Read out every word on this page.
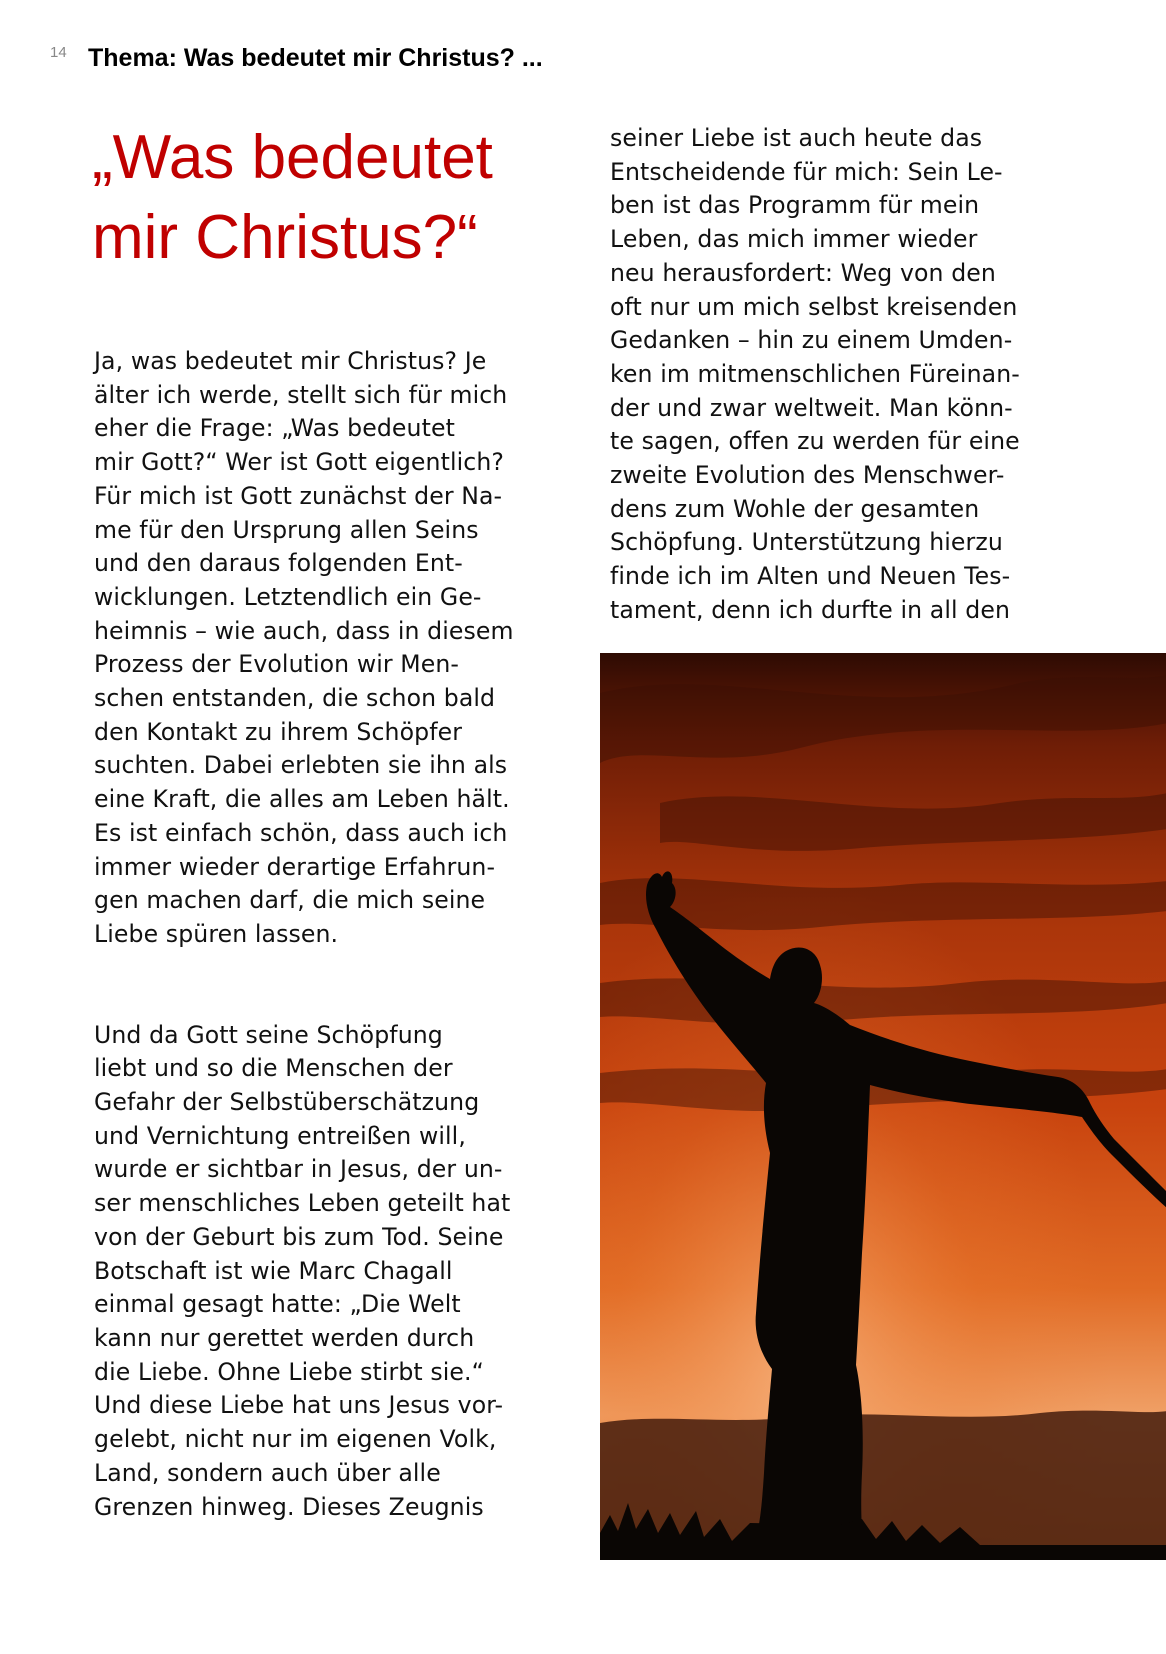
14 Thema: Was bedeutet mir Christus? ...
„Was bedeutet
mir Christus?“

Ja, was bedeutet mir Christus? Je
älter ich werde, stellt sich für mich
eher die Frage: „Was bedeutet
mir Gott?“ Wer ist Gott eigentlich?
Für mich ist Gott zunächst der Na-
me für den Ursprung allen Seins
und den daraus folgenden Ent-
wicklungen. Letztendlich ein Ge-
heimnis – wie auch, dass in diesem
Prozess der Evolution wir Men-
schen entstanden, die schon bald
den Kontakt zu ihrem Schöpfer
suchten. Dabei erlebten sie ihn als
eine Kraft, die alles am Leben hält.
Es ist einfach schön, dass auch ich
immer wieder derartige Erfahrun-
gen machen darf, die mich seine
Liebe spüren lassen.

Und da Gott seine Schöpfung
liebt und so die Menschen der
Gefahr der Selbstüberschätzung
und Vernichtung entreißen will,
wurde er sichtbar in Jesus, der un-
ser menschliches Leben geteilt hat
von der Geburt bis zum Tod. Seine
Botschaft ist wie Marc Chagall
einmal gesagt hatte: „Die Welt
kann nur gerettet werden durch
die Liebe. Ohne Liebe stirbt sie.“
Und diese Liebe hat uns Jesus vor-
gelebt, nicht nur im eigenen Volk,
Land, sondern auch über alle
Grenzen hinweg. Dieses Zeugnis

seiner Liebe ist auch heute das
Entscheidende für mich: Sein Le-
ben ist das Programm für mein
Leben, das mich immer wieder
neu herausfordert: Weg von den
oft nur um mich selbst kreisenden
Gedanken – hin zu einem Umden-
ken im mitmenschlichen Füreinan-
der und zwar weltweit. Man könn-
te sagen, offen zu werden für eine
zweite Evolution des Menschwer-
dens zum Wohle der gesamten
Schöpfung. Unterstützung hierzu
finde ich im Alten und Neuen Tes-
tament, denn ich durfte in all den
